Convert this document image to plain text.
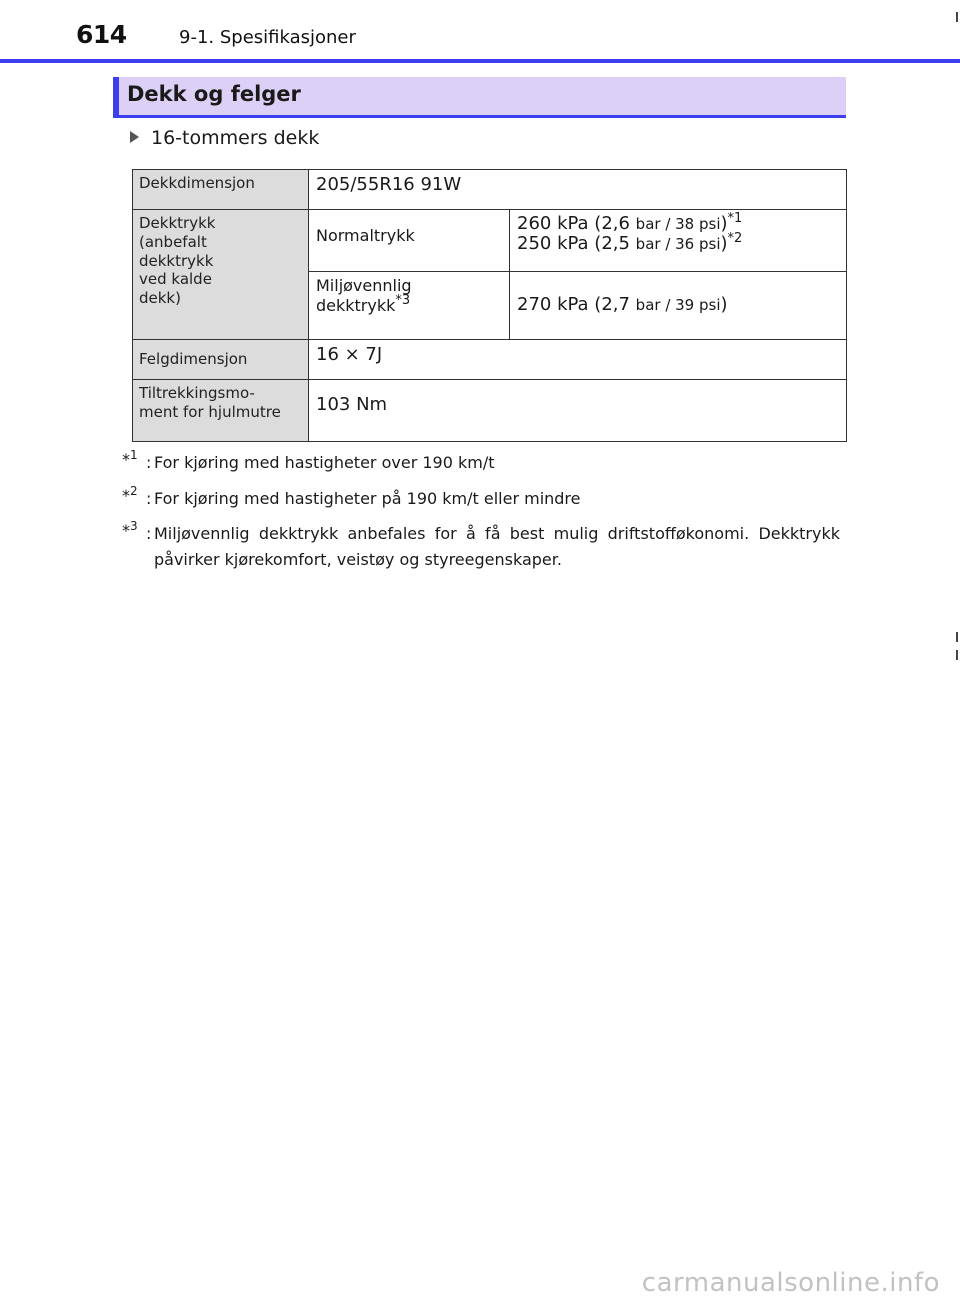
614	9-1. Spesifikasjoner
Dekk og felger
16-tommers dekk
Dekkdimensjon	205/55R16 91W	
Dekktrykk
(anbefalt
dekktrykk
ved kalde
dekk)	Normaltrykk	260 kPa (2,6 bar / 38 psi)$^{*1}$
250 kPa (2,5 bar / 36 psi)$^{*2}$
	Miljøvennlig
dekktrykk$^{*3}$	270 kPa (2,7 bar / 39 psi)
Felgdimensjon	16 × 7J	
Tiltrekkingsmo-
ment for hjulmutre	103 Nm	
*$^1$ : For kjøring med hastigheter over 190 km/t
*$^2$ : For kjøring med hastigheter på 190 km/t eller mindre
*$^3$ : Miljøvennlig dekktrykk anbefales for å få best mulig driftstofføkonomi. Dekktrykk påvirker kjørekomfort, veistøy og styreegenskaper.
carmanualsonline.info
